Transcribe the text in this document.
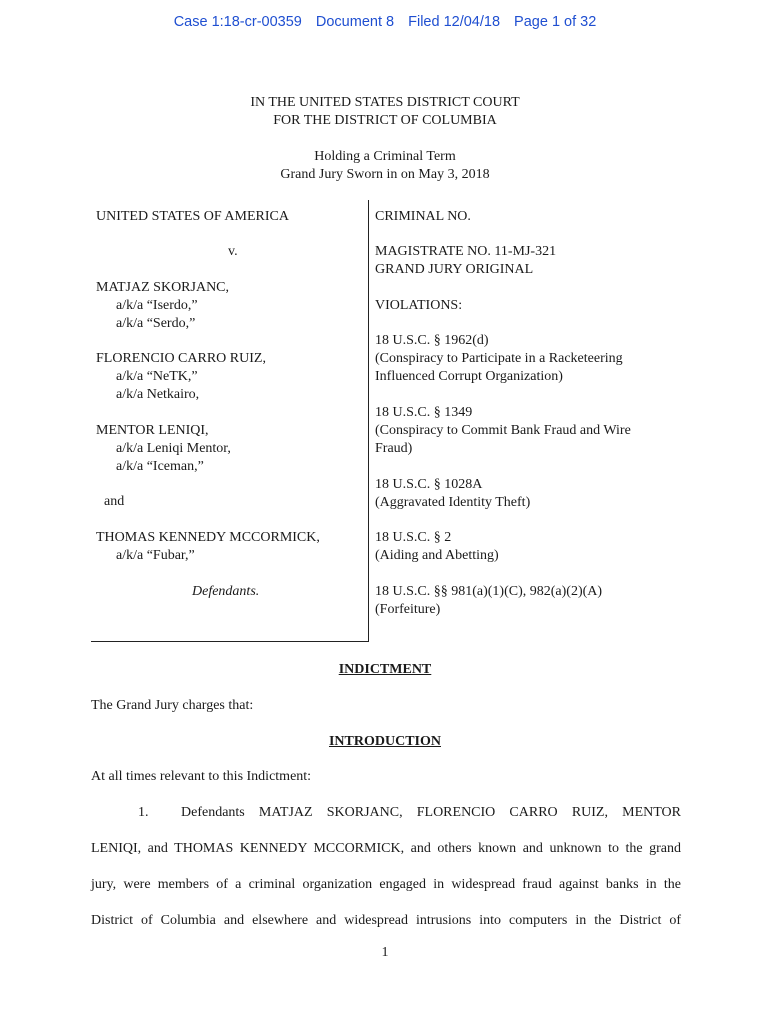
Case 1:18-cr-00359 Document 8 Filed 12/04/18 Page 1 of 32
IN THE UNITED STATES DISTRICT COURT
FOR THE DISTRICT OF COLUMBIA
Holding a Criminal Term
Grand Jury Sworn in on May 3, 2018
UNITED STATES OF AMERICA
v.
MATJAZ SKORJANC,
a/k/a “Iserdo,”
a/k/a “Serdo,”
FLORENCIO CARRO RUIZ,
a/k/a “NeTK,”
a/k/a Netkairo,
MENTOR LENIQI,
a/k/a Leniqi Mentor,
a/k/a “Iceman,”
and
THOMAS KENNEDY MCCORMICK,
a/k/a “Fubar,”
Defendants.
CRIMINAL NO.
MAGISTRATE NO. 11-MJ-321
GRAND JURY ORIGINAL
VIOLATIONS:
18 U.S.C. § 1962(d)
(Conspiracy to Participate in a Racketeering
Influenced Corrupt Organization)
18 U.S.C. § 1349
(Conspiracy to Commit Bank Fraud and Wire
Fraud)
18 U.S.C. § 1028A
(Aggravated Identity Theft)
18 U.S.C. § 2
(Aiding and Abetting)
18 U.S.C. §§ 981(a)(1)(C), 982(a)(2)(A)
(Forfeiture)
INDICTMENT
The Grand Jury charges that:
INTRODUCTION
At all times relevant to this Indictment:
1. Defendants MATJAZ SKORJANC, FLORENCIO CARRO RUIZ, MENTOR
LENIQI, and THOMAS KENNEDY MCCORMICK, and others known and unknown to the grand
jury, were members of a criminal organization engaged in widespread fraud against banks in the
District of Columbia and elsewhere and widespread intrusions into computers in the District of
1
